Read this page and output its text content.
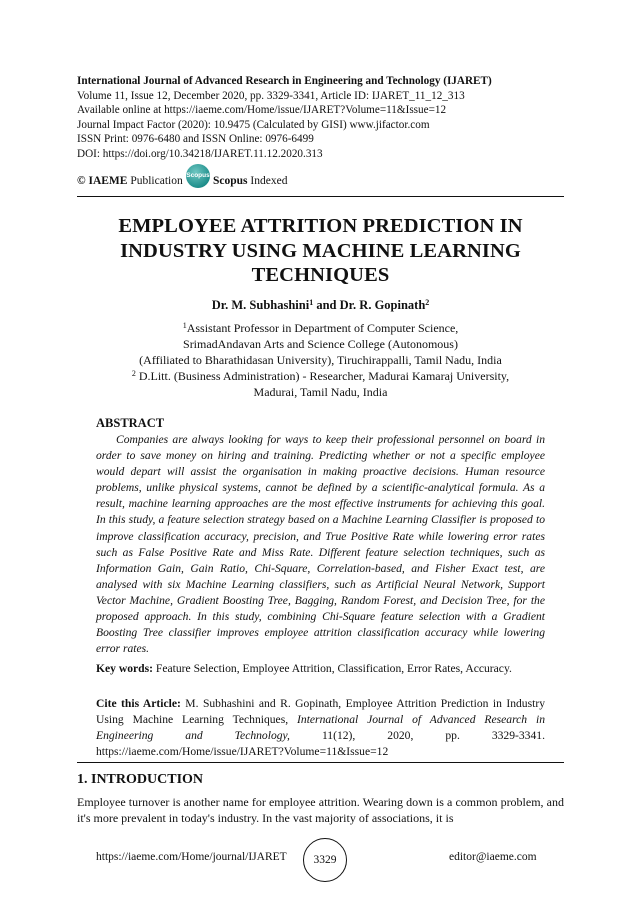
International Journal of Advanced Research in Engineering and Technology (IJARET)
Volume 11, Issue 12, December 2020, pp. 3329-3341, Article ID: IJARET_11_12_313
Available online at https://iaeme.com/Home/issue/IJARET?Volume=11&Issue=12
Journal Impact Factor (2020): 10.9475 (Calculated by GISI) www.jifactor.com
ISSN Print: 0976-6480 and ISSN Online: 0976-6499
DOI: https://doi.org/10.34218/IJARET.11.12.2020.313
© IAEME Publication Scopus Scopus Indexed
EMPLOYEE ATTRITION PREDICTION IN
INDUSTRY USING MACHINE LEARNING
TECHNIQUES
Dr. M. Subhashini$^1$ and Dr. R. Gopinath$^2$
$^1$Assistant Professor in Department of Computer Science,
SrimadAndavan Arts and Science College (Autonomous)
(Affiliated to Bharathidasan University), Tiruchirappalli, Tamil Nadu, India
$^2$ D.Litt. (Business Administration) - Researcher, Madurai Kamaraj University,
Madurai, Tamil Nadu, India
ABSTRACT

Companies are always looking for ways to keep their professional personnel on board in order to save money on hiring and training. Predicting whether or not a specific employee would depart will assist the organisation in making proactive decisions. Human resource problems, unlike physical systems, cannot be defined by a scientific-analytical formula. As a result, machine learning approaches are the most effective instruments for achieving this goal. In this study, a feature selection strategy based on a Machine Learning Classifier is proposed to improve classification accuracy, precision, and True Positive Rate while lowering error rates such as False Positive Rate and Miss Rate. Different feature selection techniques, such as Information Gain, Gain Ratio, Chi-Square, Correlation-based, and Fisher Exact test, are analysed with six Machine Learning classifiers, such as Artificial Neural Network, Support Vector Machine, Gradient Boosting Tree, Bagging, Random Forest, and Decision Tree, for the proposed approach. In this study, combining Chi-Square feature selection with a Gradient Boosting Tree classifier improves employee attrition classification accuracy while lowering error rates.

Key words: Feature Selection, Employee Attrition, Classification, Error Rates, Accuracy.

Cite this Article: M. Subhashini and R. Gopinath, Employee Attrition Prediction in Industry Using Machine Learning Techniques, International Journal of Advanced Research in Engineering and Technology,	11(12), 2020, pp. 3329-3341. https://iaeme.com/Home/issue/IJARET?Volume=11&Issue=12

1. INTRODUCTION

Employee turnover is another name for employee attrition. Wearing down is a common problem, and it's more prevalent in today's industry. In the vast majority of associations, it is

https://iaeme.com/Home/journal/IJARET	3329	editor@iaeme.com
